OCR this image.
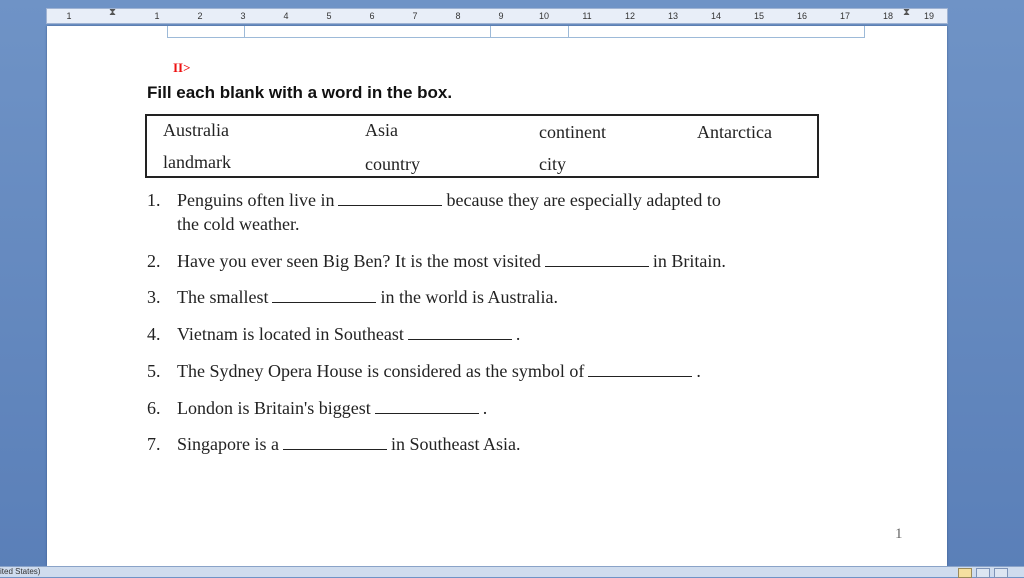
1	⧗	1	2	3	4	5	6	7	8	9	10	11	12	13	14	15	16	17	18 ⧗ 19
II>
Fill each blank with a word in the box.
Australia	Asia	continent	Antarctica
landmark	country	city
1. Penguins often live in	because they are especially adapted to
the cold weather.
2. Have you ever seen Big Ben? It is the most visited	in Britain.
3. The smallest	in the world is Australia.
4. Vietnam is located in Southeast	.
5. The Sydney Opera House is considered as the symbol of	.
6. London is Britain's biggest	.
7. Singapore is a	in Southeast Asia.
1
ited States)
